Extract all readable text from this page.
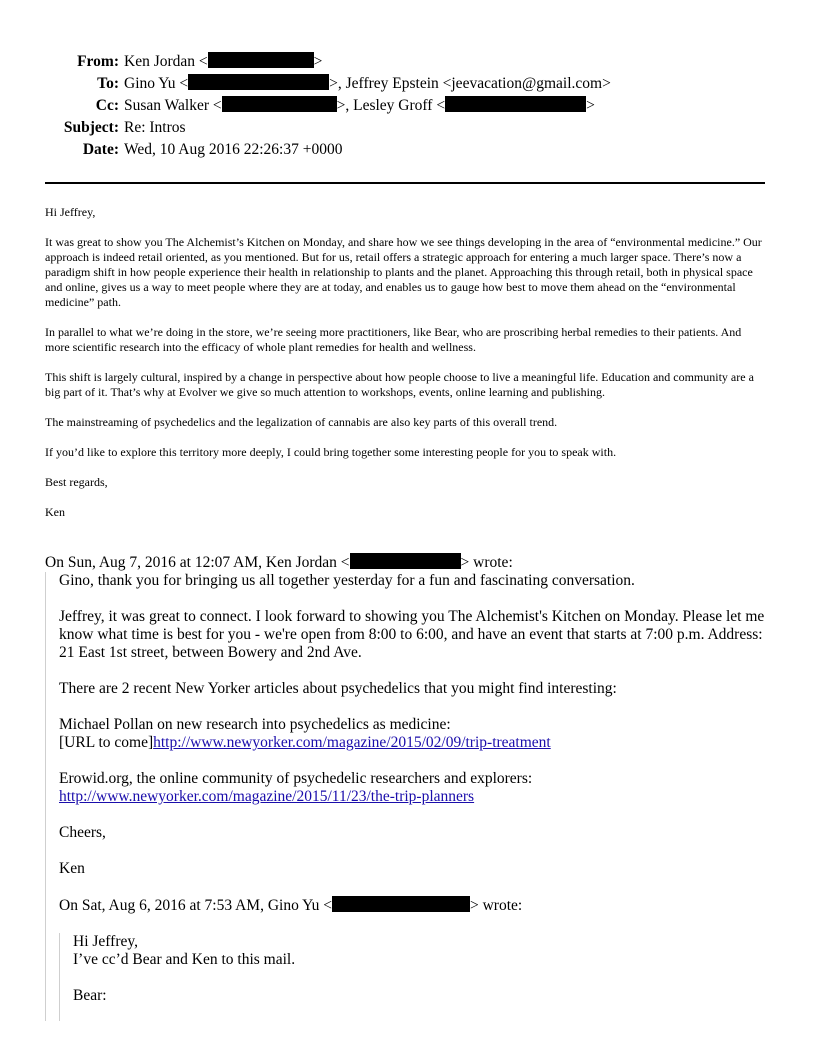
From: Ken Jordan <	>
To: Gino Yu <	>, Jeffrey Epstein <jeevacation@gmail.com>
Cc: Susan Walker <	>, Lesley Groff <	>
Subject: Re: Intros
Date: Wed, 10 Aug 2016 22:26:37 +0000

Hi Jeffrey,

It was great to show you The Alchemist’s Kitchen on Monday, and share how we see things developing in the area of “environmental medicine.” Our approach is indeed retail oriented, as you mentioned. But for us, retail offers a strategic approach for entering a much larger space. There’s now a paradigm shift in how people experience their health in relationship to plants and the planet. Approaching this through retail, both in physical space and online, gives us a way to meet people where they are at today, and enables us to gauge how best to move them ahead on the “environmental medicine” path.

In parallel to what we’re doing in the store, we’re seeing more practitioners, like Bear, who are proscribing herbal remedies to their patients. And more scientific research into the efficacy of whole plant remedies for health and wellness.

This shift is largely cultural, inspired by a change in perspective about how people choose to live a meaningful life. Education and community are a big part of it. That’s why at Evolver we give so much attention to workshops, events, online learning and publishing.

The mainstreaming of psychedelics and the legalization of cannabis are also key parts of this overall trend.

If you’d like to explore this territory more deeply, I could bring together some interesting people for you to speak with.

Best regards,

Ken

On Sun, Aug 7, 2016 at 12:07 AM, Ken Jordan <	> wrote:

Gino, thank you for bringing us all together yesterday for a fun and fascinating conversation.

Jeffrey, it was great to connect. I look forward to showing you The Alchemist's Kitchen on Monday. Please let me know what time is best for you - we're open from 8:00 to 6:00, and have an event that starts at 7:00 p.m. Address: 21 East 1st street, between Bowery and 2nd Ave.

There are 2 recent New Yorker articles about psychedelics that you might find interesting:

Michael Pollan on new research into psychedelics as medicine:
[URL to come]http://www.newyorker.com/magazine/2015/02/09/trip-treatment

Erowid.org, the online community of psychedelic researchers and explorers:
http://www.newyorker.com/magazine/2015/11/23/the-trip-planners

Cheers,

Ken

On Sat, Aug 6, 2016 at 7:53 AM, Gino Yu <	> wrote:

Hi Jeffrey,

I’ve cc’d Bear and Ken to this mail.

Bear:
